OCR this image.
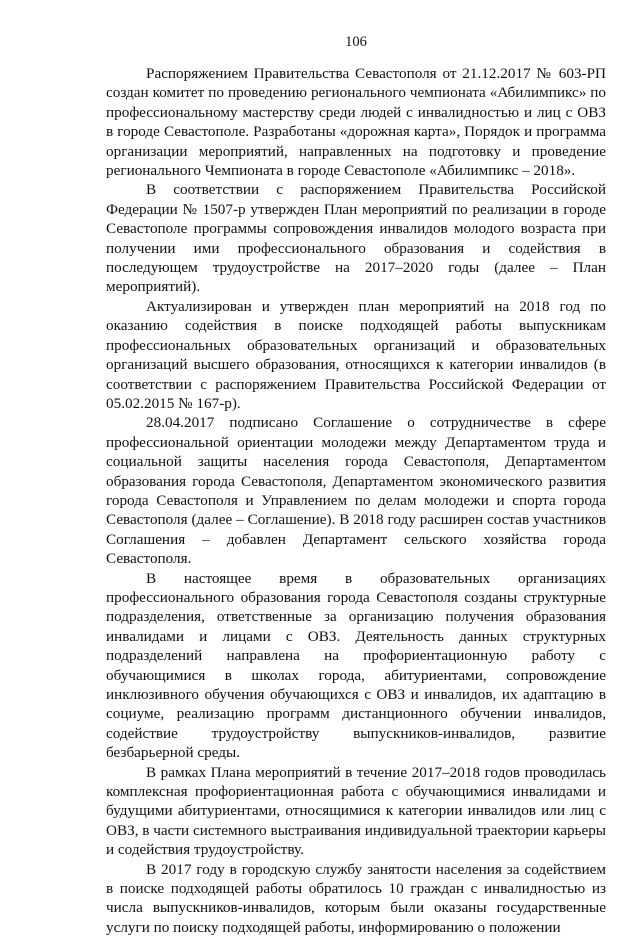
106

Распоряжением Правительства Севастополя от 21.12.2017 № 603-РП создан комитет по проведению регионального чемпионата «Абилимпикс» по профессиональному мастерству среди людей с инвалидностью и лиц с ОВЗ в городе Севастополе. Разработаны «дорожная карта», Порядок и программа организации мероприятий, направленных на подготовку и проведение регионального Чемпионата в городе Севастополе «Абилимпикс – 2018».

В соответствии с распоряжением Правительства Российской Федерации № 1507-р утвержден План мероприятий по реализации в городе Севастополе программы сопровождения инвалидов молодого возраста при получении ими профессионального образования и содействия в последующем трудоустройстве на 2017–2020 годы (далее – План мероприятий).

Актуализирован и утвержден план мероприятий на 2018 год по оказанию содействия в поиске подходящей работы выпускникам профессиональных образовательных организаций и образовательных организаций высшего образования, относящихся к категории инвалидов (в соответствии с распоряжением Правительства Российской Федерации от 05.02.2015 № 167-р).

28.04.2017 подписано Соглашение о сотрудничестве в сфере профессиональной ориентации молодежи между Департаментом труда и социальной защиты населения города Севастополя, Департаментом образования города Севастополя, Департаментом экономического развития города Севастополя и Управлением по делам молодежи и спорта города Севастополя (далее – Соглашение). В 2018 году расширен состав участников Соглашения – добавлен Департамент сельского хозяйства города Севастополя.

В настоящее время в образовательных организациях профессионального образования города Севастополя созданы структурные подразделения, ответственные за организацию получения образования инвалидами и лицами с ОВЗ. Деятельность данных структурных подразделений направлена на профориентационную работу с обучающимися в школах города, абитуриентами, сопровождение инклюзивного обучения обучающихся с ОВЗ и инвалидов, их адаптацию в социуме, реализацию программ дистанционного обучении инвалидов, содействие трудоустройству выпускников-инвалидов, развитие безбарьерной среды.

В рамках Плана мероприятий в течение 2017–2018 годов проводилась комплексная профориентационная работа с обучающимися инвалидами и будущими абитуриентами, относящимися к категории инвалидов или лиц с ОВЗ, в части системного выстраивания индивидуальной траектории карьеры и содействия трудоустройству.

В 2017 году в городскую службу занятости населения за содействием в поиске подходящей работы обратилось 10 граждан с инвалидностью из числа выпускников-инвалидов, которым были оказаны государственные услуги по поиску подходящей работы, информированию о положении
